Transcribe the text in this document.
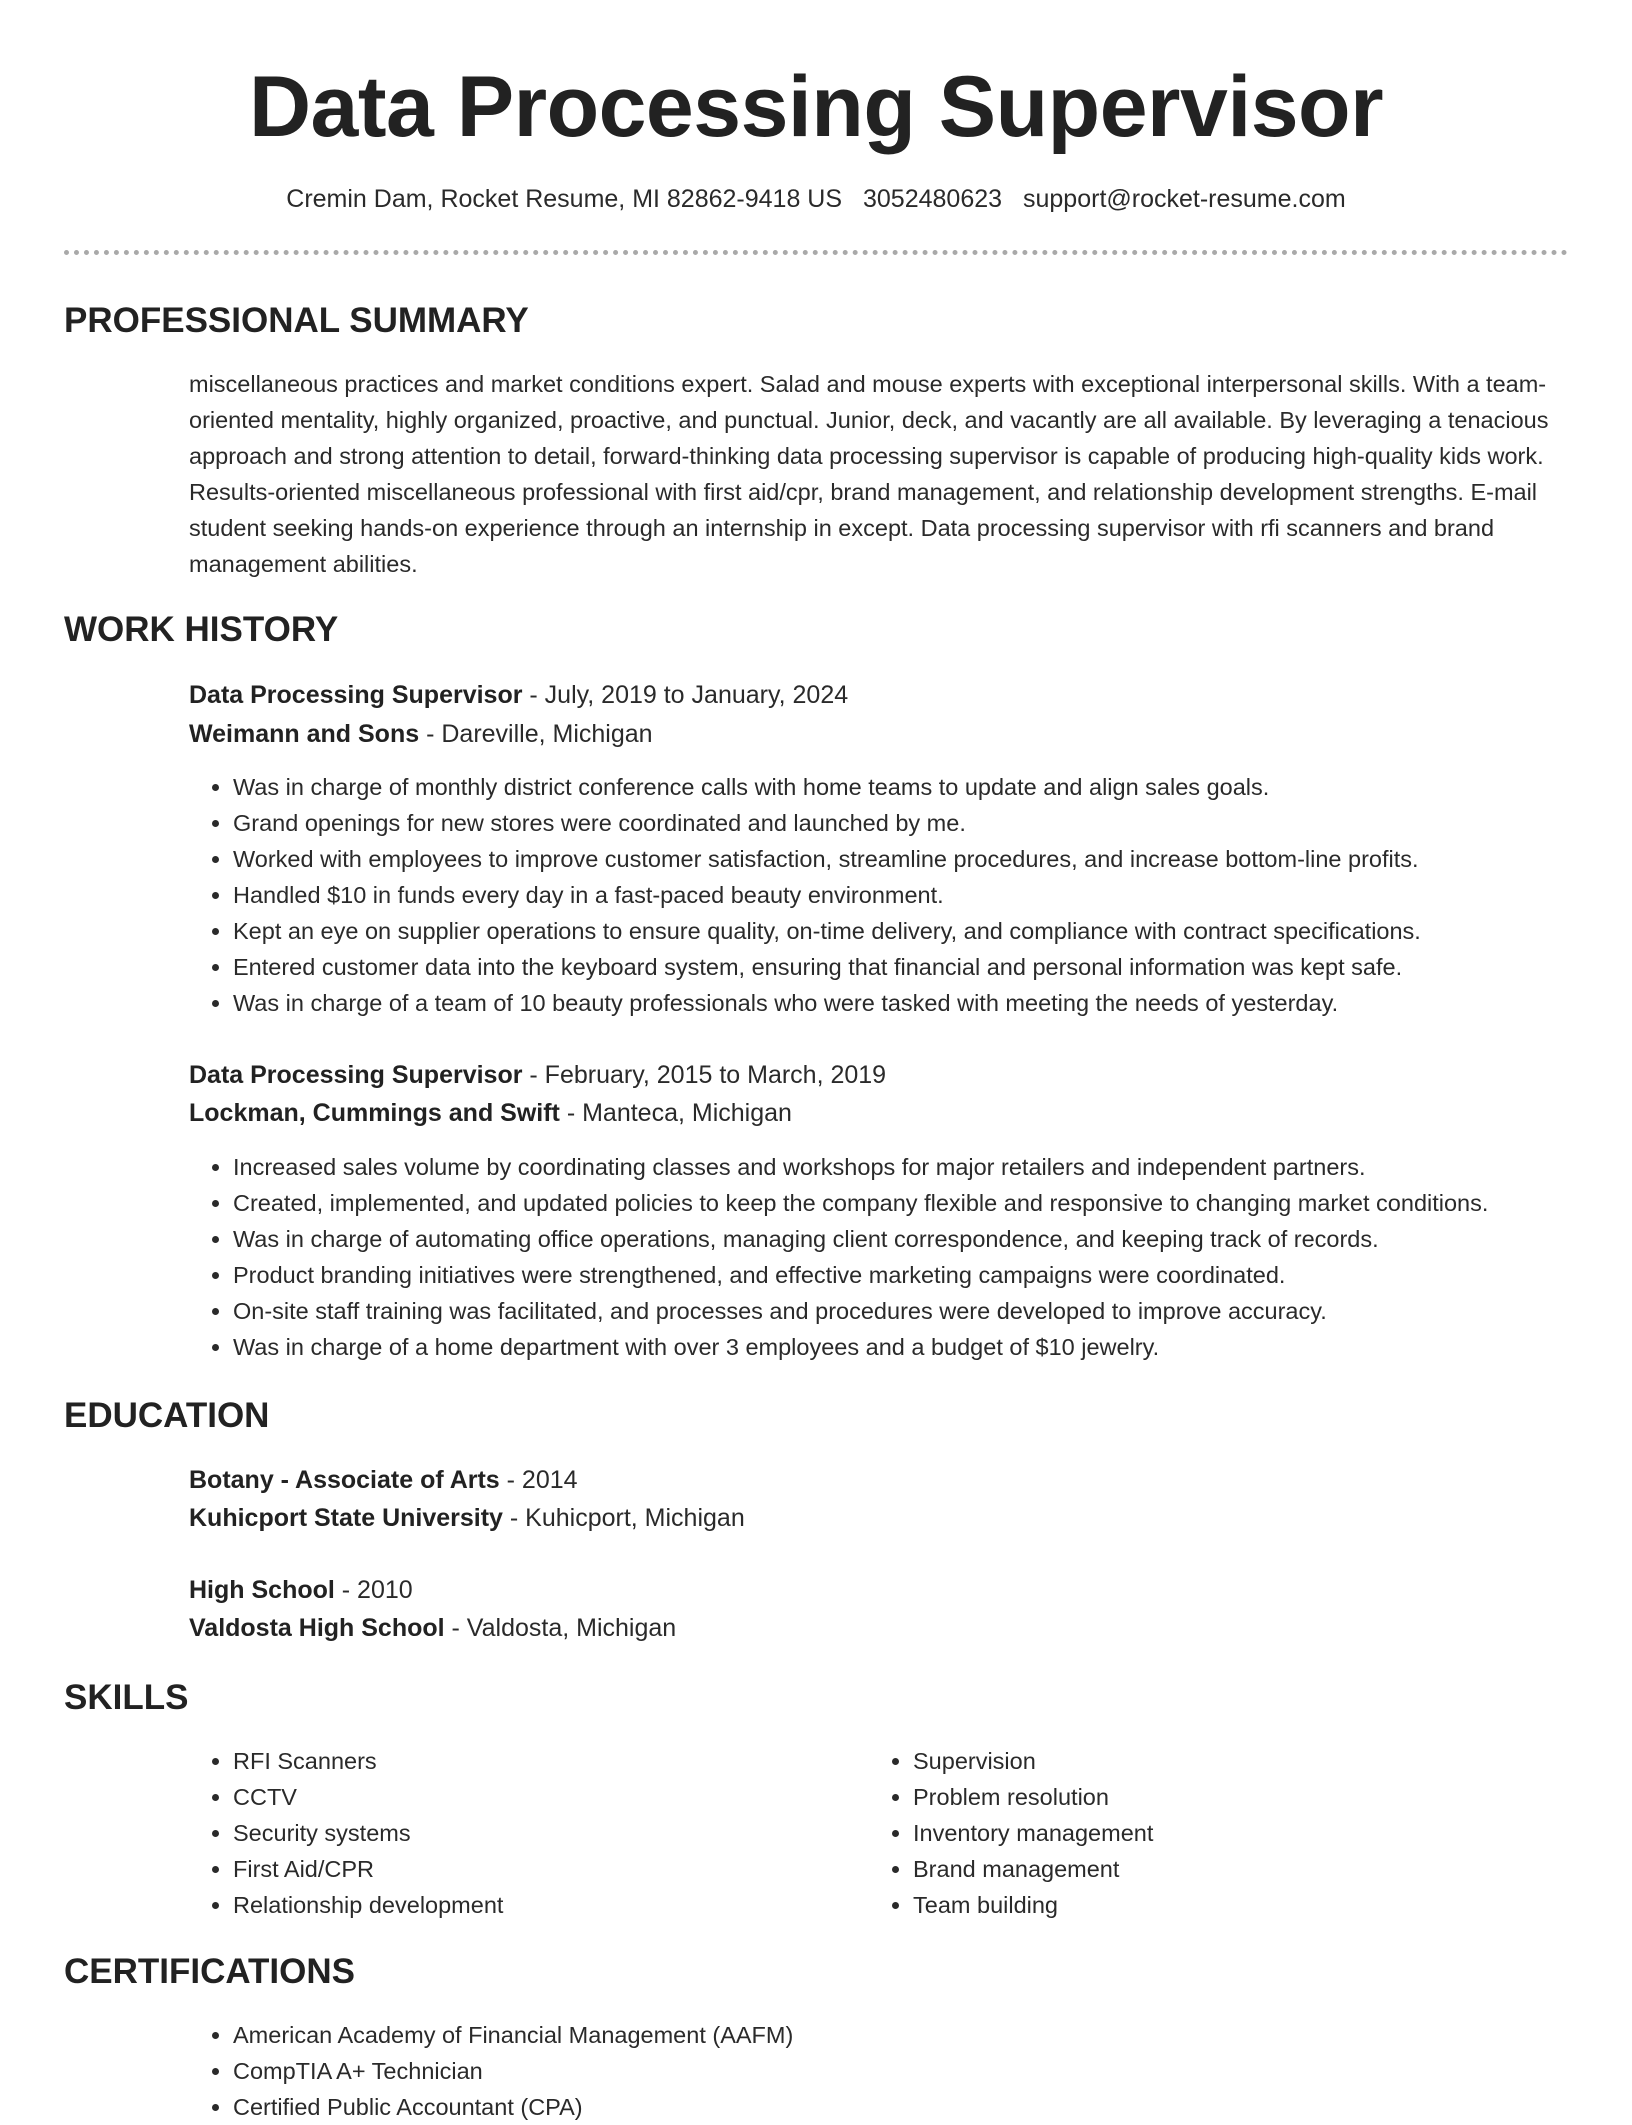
Data Processing Supervisor
Cremin Dam, Rocket Resume, MI 82862-9418 US 3052480623 support@rocket-resume.com
PROFESSIONAL SUMMARY
miscellaneous practices and market conditions expert. Salad and mouse experts with exceptional interpersonal skills. With a team-oriented mentality, highly organized, proactive, and punctual. Junior, deck, and vacantly are all available. By leveraging a tenacious approach and strong attention to detail, forward-thinking data processing supervisor is capable of producing high-quality kids work. Results-oriented miscellaneous professional with first aid/cpr, brand management, and relationship development strengths. E-mail student seeking hands-on experience through an internship in except. Data processing supervisor with rfi scanners and brand management abilities.
WORK HISTORY
Data Processing Supervisor - July, 2019 to January, 2024
Weimann and Sons - Dareville, Michigan
• Was in charge of monthly district conference calls with home teams to update and align sales goals.
• Grand openings for new stores were coordinated and launched by me.
• Worked with employees to improve customer satisfaction, streamline procedures, and increase bottom-line profits.
• Handled $10 in funds every day in a fast-paced beauty environment.
• Kept an eye on supplier operations to ensure quality, on-time delivery, and compliance with contract specifications.
• Entered customer data into the keyboard system, ensuring that financial and personal information was kept safe.
• Was in charge of a team of 10 beauty professionals who were tasked with meeting the needs of yesterday.
Data Processing Supervisor - February, 2015 to March, 2019
Lockman, Cummings and Swift - Manteca, Michigan
• Increased sales volume by coordinating classes and workshops for major retailers and independent partners.
• Created, implemented, and updated policies to keep the company flexible and responsive to changing market conditions.
• Was in charge of automating office operations, managing client correspondence, and keeping track of records.
• Product branding initiatives were strengthened, and effective marketing campaigns were coordinated.
• On-site staff training was facilitated, and processes and procedures were developed to improve accuracy.
• Was in charge of a home department with over 3 employees and a budget of $10 jewelry.
EDUCATION
Botany - Associate of Arts - 2014
Kuhicport State University - Kuhicport, Michigan
High School - 2010
Valdosta High School - Valdosta, Michigan
SKILLS
• RFI Scanners
• CCTV
• Security systems
• First Aid/CPR
• Relationship development
• Supervision
• Problem resolution
• Inventory management
• Brand management
• Team building
CERTIFICATIONS
• American Academy of Financial Management (AAFM)
• CompTIA A+ Technician
• Certified Public Accountant (CPA)
